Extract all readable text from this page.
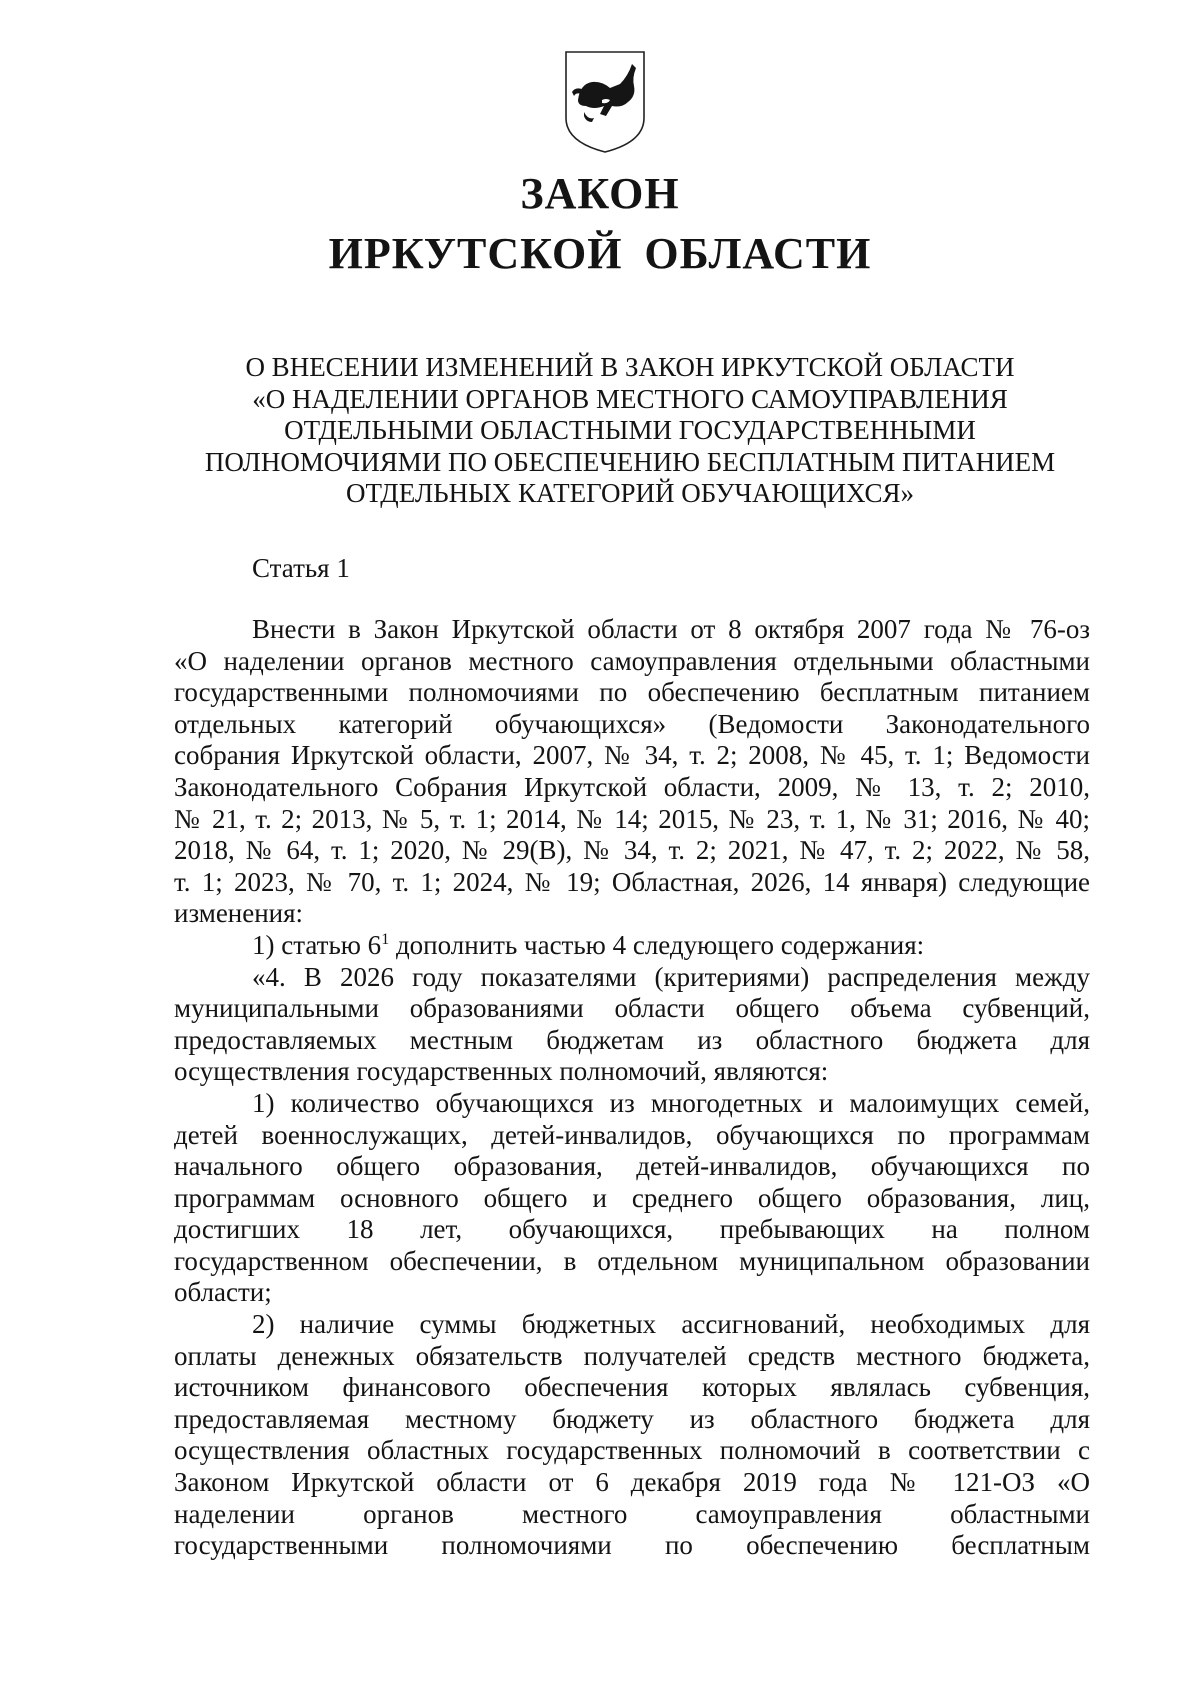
ЗАКОН
ИРКУТСКОЙ ОБЛАСТИ
О ВНЕСЕНИИ ИЗМЕНЕНИЙ В ЗАКОН ИРКУТСКОЙ ОБЛАСТИ
«О НАДЕЛЕНИИ ОРГАНОВ МЕСТНОГО САМОУПРАВЛЕНИЯ
ОТДЕЛЬНЫМИ ОБЛАСТНЫМИ ГОСУДАРСТВЕННЫМИ
ПОЛНОМОЧИЯМИ ПО ОБЕСПЕЧЕНИЮ БЕСПЛАТНЫМ ПИТАНИЕМ
ОТДЕЛЬНЫХ КАТЕГОРИЙ ОБУЧАЮЩИХСЯ»
Статья 1
Внести в Закон Иркутской области от 8 октября 2007 года № 76-оз
«О наделении органов местного самоуправления отдельными областными
государственными полномочиями по обеспечению бесплатным питанием
отдельных категорий обучающихся» (Ведомости Законодательного
собрания Иркутской области, 2007, № 34, т. 2; 2008, № 45, т. 1; Ведомости
Законодательного Собрания Иркутской области, 2009, № 13, т. 2; 2010,
№ 21, т. 2; 2013, № 5, т. 1; 2014, № 14; 2015, № 23, т. 1, № 31; 2016, № 40;
2018, № 64, т. 1; 2020, № 29(В), № 34, т. 2; 2021, № 47, т. 2; 2022, № 58,
т. 1; 2023, № 70, т. 1; 2024, № 19; Областная, 2026, 14 января) следующие
изменения:
1) статью $6^1$ дополнить частью 4 следующего содержания:
«4. В 2026 году показателями (критериями) распределения между
муниципальными образованиями области общего объема субвенций,
предоставляемых местным бюджетам из областного бюджета для
осуществления государственных полномочий, являются:
1) количество обучающихся из многодетных и малоимущих семей,
детей военнослужащих, детей-инвалидов, обучающихся по программам
начального общего образования, детей-инвалидов, обучающихся по
программам основного общего и среднего общего образования, лиц,
достигших 18 лет, обучающихся, пребывающих на полном
государственном обеспечении, в отдельном муниципальном образовании
области;
2) наличие суммы бюджетных ассигнований, необходимых для
оплаты денежных обязательств получателей средств местного бюджета,
источником финансового обеспечения которых являлась субвенция,
предоставляемая местному бюджету из областного бюджета для
осуществления областных государственных полномочий в соответствии с
Законом Иркутской области от 6 декабря 2019 года № 121-ОЗ «О
наделении органов местного самоуправления областными
государственными полномочиями по обеспечению бесплатным
